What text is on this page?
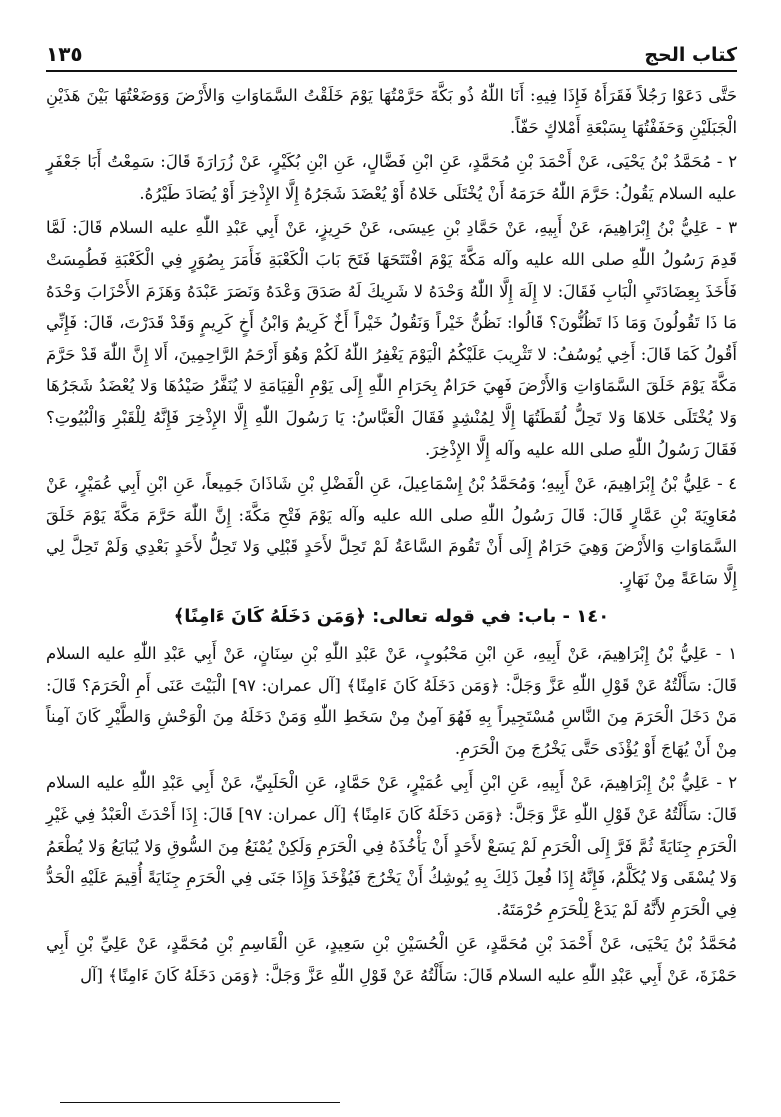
كتاب الحج
١٣٥

حَتَّى دَعَوْا رَجُلاً فَقَرَأَهُ فَإِذَا فِيهِ: أَنَا اللّٰهُ ذُو بَكَّةَ حَرَّمْتُهَا يَوْمَ خَلَقْتُ السَّمَاوَاتِ وَالأَرْضَ وَوَضَعْتُهَا بَيْنَ هَذَيْنِ الْجَبَلَيْنِ وَحَفَفْتُهَا بِسَبْعَةِ أَمْلاكٍ حَفّاً.

٢ - مُحَمَّدُ بْنُ يَحْيَى، عَنْ أَحْمَدَ بْنِ مُحَمَّدٍ، عَنِ ابْنِ فَضَّالٍ، عَنِ ابْنِ بُكَيْرٍ، عَنْ زُرَارَةَ قَالَ: سَمِعْتُ أَبَا جَعْفَرٍ عليه السلام يَقُولُ: حَرَّمَ اللّٰهُ حَرَمَهُ أَنْ يُخْتَلَى خَلاهُ أَوْ يُعْضَدَ شَجَرُهُ إِلَّا الإِذْخِرَ أَوْ يُصَادَ طَيْرُهُ.

٣ - عَلِيُّ بْنُ إِبْرَاهِيمَ، عَنْ أَبِيهِ، عَنْ حَمَّادِ بْنِ عِيسَى، عَنْ حَرِيزٍ، عَنْ أَبِي عَبْدِ اللّٰهِ عليه السلام قَالَ: لَمَّا قَدِمَ رَسُولُ اللّٰهِ صلى الله عليه وآله مَكَّةَ يَوْمَ افْتَتَحَهَا فَتَحَ بَابَ الْكَعْبَةِ فَأَمَرَ بِصُوَرٍ فِي الْكَعْبَةِ فَطُمِسَتْ فَأَخَذَ بِعِضَادَتَيِ الْبَابِ فَقَالَ: لا إِلَهَ إِلَّا اللّٰهُ وَحْدَهُ لا شَرِيكَ لَهُ صَدَقَ وَعْدَهُ وَنَصَرَ عَبْدَهُ وَهَزَمَ الأَحْزَابَ وَحْدَهُ مَا ذَا تَقُولُونَ وَمَا ذَا تَظُنُّونَ؟ قَالُوا: نَظُنُّ خَيْراً وَنَقُولُ خَيْراً أَخٌ كَرِيمٌ وَابْنُ أَخٍ كَرِيمٍ وَقَدْ قَدَرْتَ، قَالَ: فَإِنِّي أَقُولُ كَمَا قَالَ: أَخِي يُوسُفُ: لا تَثْرِيبَ عَلَيْكُمُ الْيَوْمَ يَغْفِرُ اللّٰهُ لَكُمْ وَهُوَ أَرْحَمُ الرَّاحِمِينَ، أَلا إِنَّ اللّٰهَ قَدْ حَرَّمَ مَكَّةَ يَوْمَ خَلَقَ السَّمَاوَاتِ وَالأَرْضَ فَهِيَ حَرَامٌ بِحَرَامِ اللّٰهِ إِلَى يَوْمِ الْقِيَامَةِ لا يُنَفَّرُ صَيْدُهَا وَلا يُعْضَدُ شَجَرُهَا وَلا يُخْتَلَى خَلاهَا وَلا تَحِلُّ لُقَطَتُهَا إِلَّا لِمُنْشِدٍ فَقَالَ الْعَبَّاسُ: يَا رَسُولَ اللّٰهِ إِلَّا الإِذْخِرَ فَإِنَّهُ لِلْقَبْرِ وَالْبُيُوتِ؟ فَقَالَ رَسُولُ اللّٰهِ صلى الله عليه وآله إِلَّا الإِذْخِرَ.

٤ - عَلِيُّ بْنُ إِبْرَاهِيمَ، عَنْ أَبِيهِ؛ وَمُحَمَّدُ بْنُ إِسْمَاعِيلَ، عَنِ الْفَضْلِ بْنِ شَاذَانَ جَمِيعاً، عَنِ ابْنِ أَبِي عُمَيْرٍ، عَنْ مُعَاوِيَةَ بْنِ عَمَّارٍ قَالَ: قَالَ رَسُولُ اللّٰهِ صلى الله عليه وآله يَوْمَ فَتْحِ مَكَّةَ: إِنَّ اللّٰهَ حَرَّمَ مَكَّةَ يَوْمَ خَلَقَ السَّمَاوَاتِ وَالأَرْضَ وَهِيَ حَرَامٌ إِلَى أَنْ تَقُومَ السَّاعَةُ لَمْ تَحِلَّ لأَحَدٍ قَبْلِي وَلا تَحِلُّ لأَحَدٍ بَعْدِي وَلَمْ تَحِلَّ لِي إِلَّا سَاعَةً مِنْ نَهَارٍ.

١٤٠ - باب: في قوله تعالى: ﴿وَمَن دَخَلَهُ كَانَ ءَامِنًا﴾

١ - عَلِيُّ بْنُ إِبْرَاهِيمَ، عَنْ أَبِيهِ، عَنِ ابْنِ مَحْبُوبٍ، عَنْ عَبْدِ اللّٰهِ بْنِ سِنَانٍ، عَنْ أَبِي عَبْدِ اللّٰهِ عليه السلام قَالَ: سَأَلْتُهُ عَنْ قَوْلِ اللّٰهِ عَزَّ وَجَلَّ: ﴿وَمَن دَخَلَهُ كَانَ ءَامِنًا﴾ [آل عمران: ٩٧] الْبَيْتَ عَنَى أَمِ الْحَرَمَ؟ قَالَ: مَنْ دَخَلَ الْحَرَمَ مِنَ النَّاسِ مُسْتَجِيراً بِهِ فَهُوَ آمِنٌ مِنْ سَخَطِ اللّٰهِ وَمَنْ دَخَلَهُ مِنَ الْوَحْشِ وَالطَّيْرِ كَانَ آمِناً مِنْ أَنْ يُهَاجَ أَوْ يُؤْذَى حَتَّى يَخْرُجَ مِنَ الْحَرَمِ.

٢ - عَلِيُّ بْنُ إِبْرَاهِيمَ، عَنْ أَبِيهِ، عَنِ ابْنِ أَبِي عُمَيْرٍ، عَنْ حَمَّادٍ، عَنِ الْحَلَبِيِّ، عَنْ أَبِي عَبْدِ اللّٰهِ عليه السلام قَالَ: سَأَلْتُهُ عَنْ قَوْلِ اللّٰهِ عَزَّ وَجَلَّ: ﴿وَمَن دَخَلَهُ كَانَ ءَامِنًا﴾ [آل عمران: ٩٧] قَالَ: إِذَا أَحْدَثَ الْعَبْدُ فِي غَيْرِ الْحَرَمِ جِنَايَةً ثُمَّ فَرَّ إِلَى الْحَرَمِ لَمْ يَسَعْ لأَحَدٍ أَنْ يَأْخُذَهُ فِي الْحَرَمِ وَلَكِنْ يُمْنَعُ مِنَ السُّوقِ وَلا يُبَايَعُ وَلا يُطْعَمُ وَلا يُسْقَى وَلا يُكَلَّمُ، فَإِنَّهُ إِذَا فُعِلَ ذَلِكَ بِهِ يُوشِكُ أَنْ يَخْرُجَ فَيُؤْخَذَ وَإِذَا جَنَى فِي الْحَرَمِ جِنَايَةً أُقِيمَ عَلَيْهِ الْحَدُّ فِي الْحَرَمِ لأَنَّهُ لَمْ يَدَعْ لِلْحَرَمِ حُرْمَتَهُ.

مُحَمَّدُ بْنُ يَحْيَى، عَنْ أَحْمَدَ بْنِ مُحَمَّدٍ، عَنِ الْحُسَيْنِ بْنِ سَعِيدٍ، عَنِ الْقَاسِمِ بْنِ مُحَمَّدٍ، عَنْ عَلِيِّ بْنِ أَبِي حَمْزَةَ، عَنْ أَبِي عَبْدِ اللّٰهِ عليه السلام قَالَ: سَأَلْتُهُ عَنْ قَوْلِ اللّٰهِ عَزَّ وَجَلَّ: ﴿وَمَن دَخَلَهُ كَانَ ءَامِنًا﴾ [آل
